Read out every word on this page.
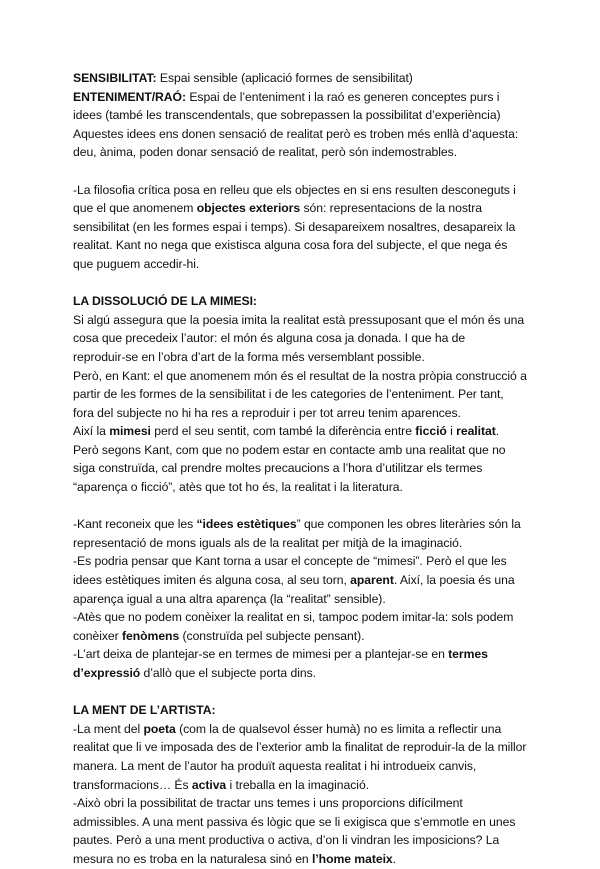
SENSIBILITAT: Espai sensible (aplicació formes de sensibilitat)

ENTENIMENT/RAÓ: Espai de l’enteniment i la raó es generen conceptes purs i

idees (també les transcendentals, que sobrepassen la possibilitat d’experiència)

Aquestes idees ens donen sensació de realitat però es troben més enllà d’aquesta:

deu, ànima, poden donar sensació de realitat, però són indemostrables.

-La filosofia crítica posa en relleu que els objectes en si ens resulten desconeguts i

que el que anomenem objectes exteriors són: representacions de la nostra

sensibilitat (en les formes espai i temps). Si desapareixem nosaltres, desapareix la

realitat. Kant no nega que existisca alguna cosa fora del subjecte, el que nega és

que puguem accedir-hi.

LA DISSOLUCIÓ DE LA MIMESI:

Si algú assegura que la poesia imita la realitat està pressuposant que el món és una

cosa que precedeix l’autor: el món és alguna cosa ja donada. I que ha de

reproduir-se en l’obra d’art de la forma més versemblant possible.

Però, en Kant: el que anomenem món és el resultat de la nostra pròpia construcció a

partir de les formes de la sensibilitat i de les categories de l’enteniment. Per tant,

fora del subjecte no hi ha res a reproduir i per tot arreu tenim aparences.

Així la mimesi perd el seu sentit, com també la diferència entre ficció i realitat.

Però segons Kant, com que no podem estar en contacte amb una realitat que no

siga construïda, cal prendre moltes precaucions a l’hora d’utilitzar els termes

“aparença o ficció”, atès que tot ho és, la realitat i la literatura.

-Kant reconeix que les “idees estètiques” que componen les obres literàries són la

representació de mons iguals als de la realitat per mitjà de la imaginació.

-Es podria pensar que Kant torna a usar el concepte de “mimesi”. Però el que les

idees estètiques imiten és alguna cosa, al seu torn, aparent. Així, la poesia és una

aparença igual a una altra aparença (la “realitat” sensible).

-Atès que no podem conèixer la realitat en si, tampoc podem imitar-la: sols podem

conèixer fenòmens (construïda pel subjecte pensant).

-L’art deixa de plantejar-se en termes de mimesi per a plantejar-se en termes

d’expressió d’allò que el subjecte porta dins.

LA MENT DE L’ARTISTA:

-La ment del poeta (com la de qualsevol ésser humà) no es limita a reflectir una

realitat que li ve imposada des de l’exterior amb la finalitat de reproduir-la de la millor

manera. La ment de l’autor ha produït aquesta realitat i hi introdueix canvis,

transformacions… És activa i treballa en la imaginació.

-Això obri la possibilitat de tractar uns temes i uns proporcions difícilment

admissibles. A una ment passiva és lògic que se li exigisca que s’emmotle en unes

pautes. Però a una ment productiva o activa, d’on li vindran les imposicions? La

mesura no es troba en la naturalesa sinó en l’home mateix.
